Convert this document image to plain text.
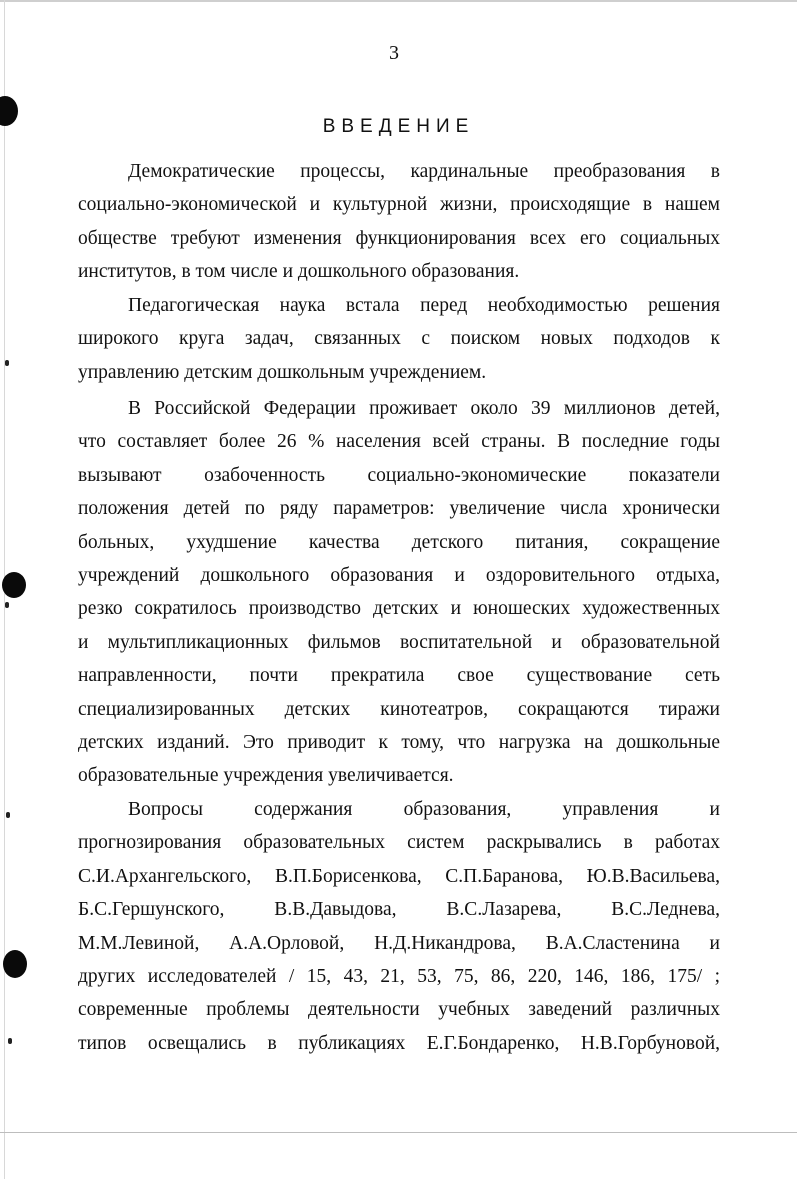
3
ВВЕДЕНИЕ
Демократические процессы, кардинальные преобразования в
социально-экономической и культурной жизни, происходящие в нашем
обществе требуют изменения функционирования всех его социальных
институтов, в том числе и дошкольного образования.
Педагогическая наука встала перед необходимостью решения
широкого круга задач, связанных с поиском новых подходов к
управлению детским дошкольным учреждением.
В Российской Федерации проживает около 39 миллионов детей,
что составляет более 26 % населения всей страны. В последние годы
вызывают озабоченность социально-экономические показатели
положения детей по ряду параметров: увеличение числа хронически
больных, ухудшение качества детского питания, сокращение
учреждений дошкольного образования и оздоровительного отдыха,
резко сократилось производство детских и юношеских художественных
и мультипликационных фильмов воспитательной и образовательной
направленности, почти прекратила свое существование сеть
специализированных детских кинотеатров, сокращаются тиражи
детских изданий. Это приводит к тому, что нагрузка на дошкольные
образовательные учреждения увеличивается.
Вопросы содержания образования, управления и
прогнозирования образовательных систем раскрывались в работах
С.И.Архангельского, В.П.Борисенкова, С.П.Баранова, Ю.В.Васильева,
Б.С.Гершунского, В.В.Давыдова, В.С.Лазарева, В.С.Леднева,
М.М.Левиной, А.А.Орловой, Н.Д.Никандрова, В.А.Сластенина и
других исследователей / 15, 43, 21, 53, 75, 86, 220, 146, 186, 175/ ;
современные проблемы деятельности учебных заведений различных
типов освещались в публикациях Е.Г.Бондаренко, Н.В.Горбуновой,
